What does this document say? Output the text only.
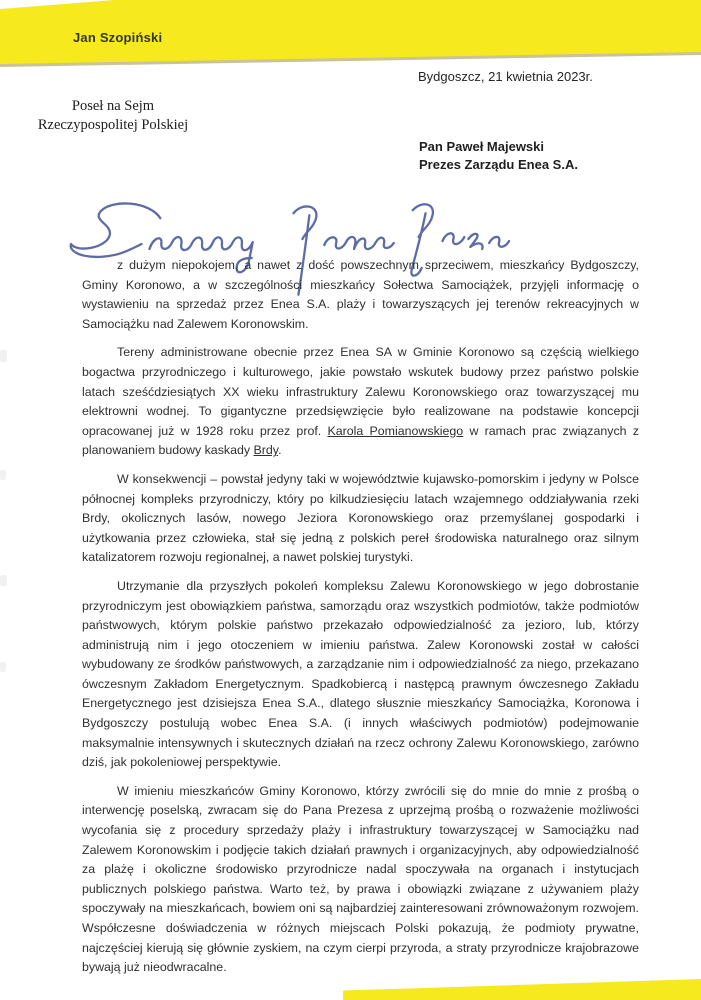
Jan Szopiński
Poseł na Sejm
Rzeczypospolitej Polskiej
Bydgoszcz, 21 kwietnia 2023r.
Pan Paweł Majewski
Prezes Zarządu Enea S.A.

z dużym niepokojem, a nawet z dość powszechnym sprzeciwem, mieszkańcy Bydgoszczy, Gminy Koronowo, a w szczególności mieszkańcy Sołectwa Samociążek, przyjęli informację o wystawieniu na sprzedaż przez Enea S.A. plaży i towarzyszących jej terenów rekreacyjnych w Samociążku nad Zalewem Koronowskim.

Tereny administrowane obecnie przez Enea SA w Gminie Koronowo są częścią wielkiego bogactwa przyrodniczego i kulturowego, jakie powstało wskutek budowy przez państwo polskie latach sześćdziesiątych XX wieku infrastruktury Zalewu Koronowskiego oraz towarzyszącej mu elektrowni wodnej. To gigantyczne przedsięwzięcie było realizowane na podstawie koncepcji opracowanej już w 1928 roku przez prof. Karola Pomianowskiego w ramach prac związanych z planowaniem budowy kaskady Brdy.

W konsekwencji – powstał jedyny taki w województwie kujawsko-pomorskim i jedyny w Polsce północnej kompleks przyrodniczy, który po kilkudziesięciu latach wzajemnego oddziaływania rzeki Brdy, okolicznych lasów, nowego Jeziora Koronowskiego oraz przemyślanej gospodarki i użytkowania przez człowieka, stał się jedną z polskich pereł środowiska naturalnego oraz silnym katalizatorem rozwoju regionalnej, a nawet polskiej turystyki.

Utrzymanie dla przyszłych pokoleń kompleksu Zalewu Koronowskiego w jego dobrostanie przyrodniczym jest obowiązkiem państwa, samorządu oraz wszystkich podmiotów, także podmiotów państwowych, którym polskie państwo przekazało odpowiedzialność za jezioro, lub, którzy administrują nim i jego otoczeniem w imieniu państwa. Zalew Koronowski został w całości wybudowany ze środków państwowych, a zarządzanie nim i odpowiedzialność za niego, przekazano ówczesnym Zakładom Energetycznym. Spadkobiercą i następcą prawnym ówczesnego Zakładu Energetycznego jest dzisiejsza Enea S.A., dlatego słusznie mieszkańcy Samociążka, Koronowa i Bydgoszczy postulują wobec Enea S.A. (i innych właściwych podmiotów) podejmowanie maksymalnie intensywnych i skutecznych działań na rzecz ochrony Zalewu Koronowskiego, zarówno dziś, jak pokoleniowej perspektywie.

W imieniu mieszkańców Gminy Koronowo, którzy zwrócili się do mnie do mnie z prośbą o interwencję poselską, zwracam się do Pana Prezesa z uprzejmą prośbą o rozważenie możliwości wycofania się z procedury sprzedaży plaży i infrastruktury towarzyszącej w Samociążku nad Zalewem Koronowskim i podjęcie takich działań prawnych i organizacyjnych, aby odpowiedzialność za plażę i okoliczne środowisko przyrodnicze nadal spoczywała na organach i instytucjach publicznych polskiego państwa. Warto też, by prawa i obowiązki związane z używaniem plaży spoczywały na mieszkańcach, bowiem oni są najbardziej zainteresowani zrównoważonym rozwojem. Współczesne doświadczenia w różnych miejscach Polski pokazują, że podmioty prywatne, najczęściej kierują się głównie zyskiem, na czym cierpi przyroda, a straty przyrodnicze krajobrazowe bywają już nieodwracalne.
